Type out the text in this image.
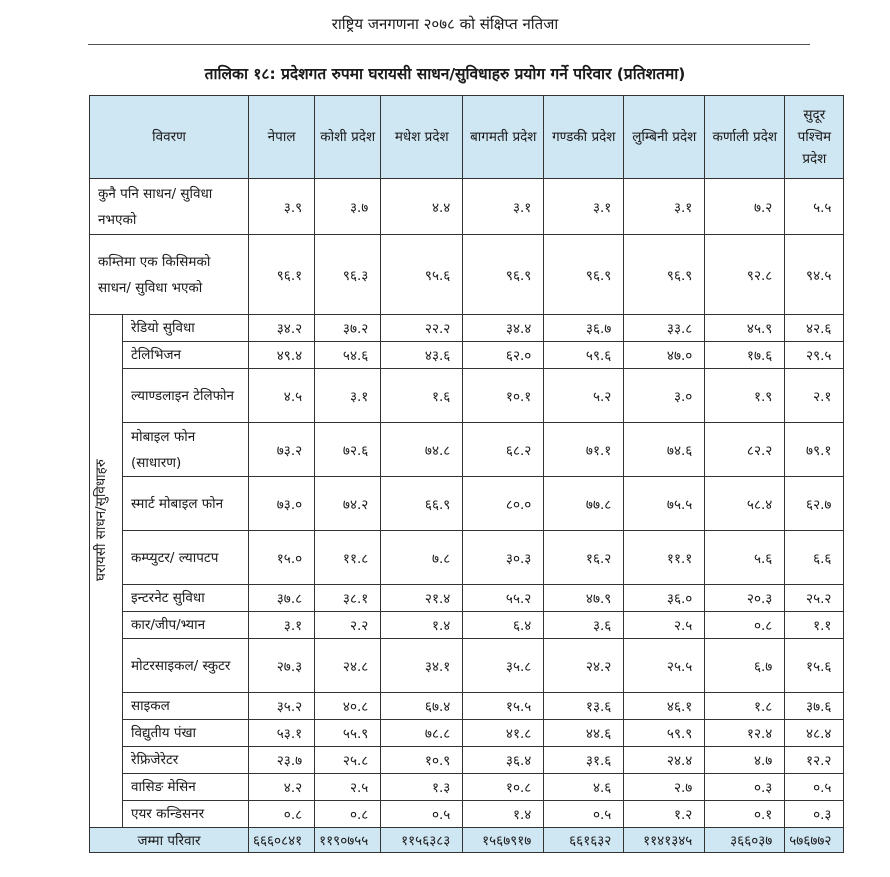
राष्ट्रिय जनगणना २०७८ को संक्षिप्त नतिजा
तालिका १८: प्रदेशगत रुपमा घरायसी साधन/सुविधाहरु प्रयोग गर्ने परिवार (प्रतिशतमा)
विवरण		नेपाल	कोशी प्रदेश	मधेश प्रदेश	बागमती प्रदेश	गण्डकी प्रदेश	लुम्बिनी प्रदेश	कर्णाली प्रदेश	सुदूर पश्चिम प्रदेश
कुनै पनि साधन/ सुविधा नभएको		३.९	३.७	४.४	३.१	३.१	३.१	७.२	५.५
कम्तिमा एक किसिमको साधन/ सुविधा भएको		९६.१	९६.३	९५.६	९६.९	९६.९	९६.९	९२.८	९४.५

घरायसी साधन/सुविधाहरु	रेडियो सुविधा	३४.२	३७.२	२२.२	३४.४	३६.७	३३.८	४५.९	४२.६
	टेलिभिजन	४९.४	५४.६	४३.६	६२.०	५९.६	४७.०	१७.६	२९.५
	ल्याण्डलाइन टेलिफोन	४.५	३.१	१.६	१०.१	५.२	३.०	१.९	२.१
	मोबाइल फोन (साधारण)	७३.२	७२.६	७४.८	६८.२	७१.१	७४.६	८२.२	७९.१
	स्मार्ट मोबाइल फोन	७३.०	७४.२	६६.९	८०.०	७७.८	७५.५	५८.४	६२.७
	कम्प्युटर/ ल्यापटप	१५.०	११.८	७.८	३०.३	१६.२	११.१	५.६	६.६
	इन्टरनेट सुविधा	३७.८	३८.१	२१.४	५५.२	४७.९	३६.०	२०.३	२५.२
	कार/जीप/भ्यान	३.१	२.२	१.४	६.४	३.६	२.५	०.८	१.१
	मोटरसाइकल/ स्कुटर	२७.३	२४.८	३४.१	३५.८	२४.२	२५.५	६.७	१५.६
	साइकल	३५.२	४०.८	६७.४	१५.५	१३.६	४६.१	१.८	३७.६
	विद्युतीय पंखा	५३.१	५५.९	७८.८	४१.८	४४.६	५९.९	१२.४	४८.४
	रेफ्रिजेरेटर	२३.७	२५.८	१०.९	३६.४	३१.६	२४.४	४.७	१२.२
	वासिङ मेसिन	४.२	२.५	१.३	१०.८	४.६	२.७	०.३	०.५
	एयर कन्डिसनर	०.८	०.८	०.५	१.४	०.५	१.२	०.१	०.३
जम्मा परिवार		६६६०८४१	११९०७५५	११५६३८३	१५६७९१७	६६१६३२	११४१३४५	३६६०३७	५७६७७२
